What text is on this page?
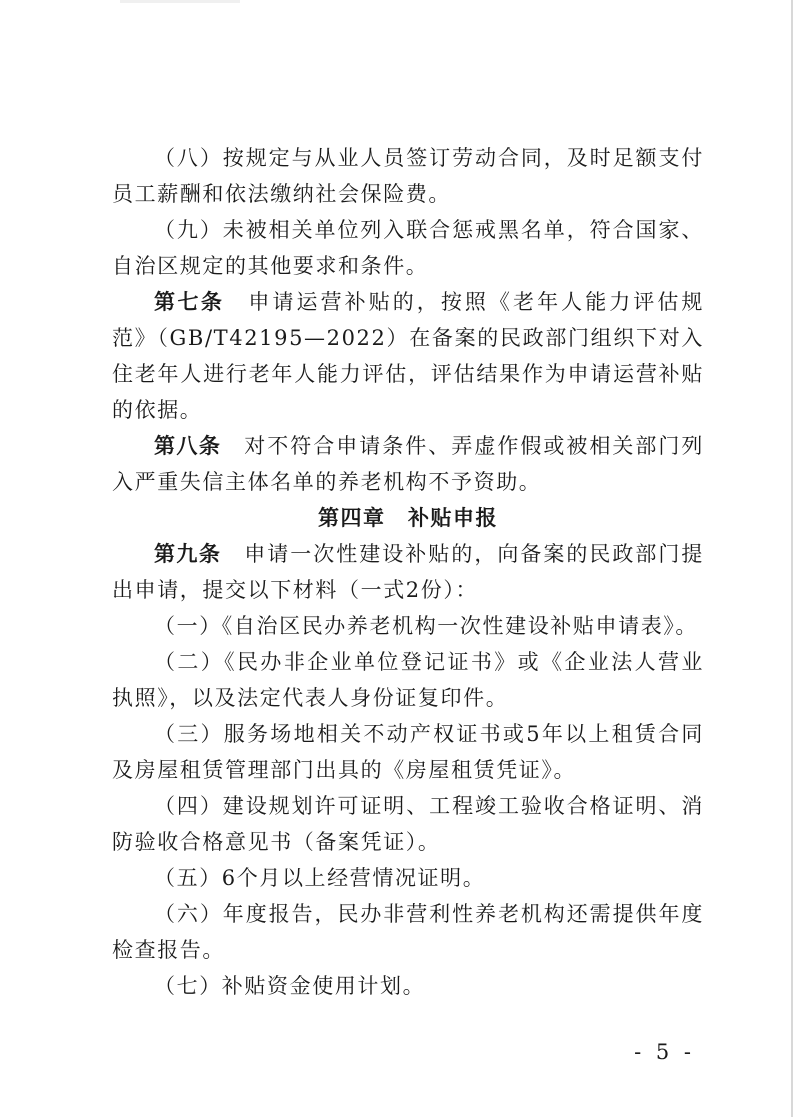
（八）按规定与从业人员签订劳动合同，及时足额支付员工薪酬和依法缴纳社会保险费。

（九）未被相关单位列入联合惩戒黑名单，符合国家、自治区规定的其他要求和条件。

第七条　申请运营补贴的，按照《老年人能力评估规范》（GB/T42195—2022）在备案的民政部门组织下对入住老年人进行老年人能力评估，评估结果作为申请运营补贴的依据。

第八条　对不符合申请条件、弄虚作假或被相关部门列入严重失信主体名单的养老机构不予资助。

第四章　补贴申报

第九条　申请一次性建设补贴的，向备案的民政部门提出申请，提交以下材料（一式2份）：

（一）《自治区民办养老机构一次性建设补贴申请表》。

（二）《民办非企业单位登记证书》或《企业法人营业执照》，以及法定代表人身份证复印件。

（三）服务场地相关不动产权证书或5年以上租赁合同及房屋租赁管理部门出具的《房屋租赁凭证》。

（四）建设规划许可证明、工程竣工验收合格证明、消防验收合格意见书（备案凭证）。

（五）6个月以上经营情况证明。

（六）年度报告，民办非营利性养老机构还需提供年度检查报告。

（七）补贴资金使用计划。

- 5 -
